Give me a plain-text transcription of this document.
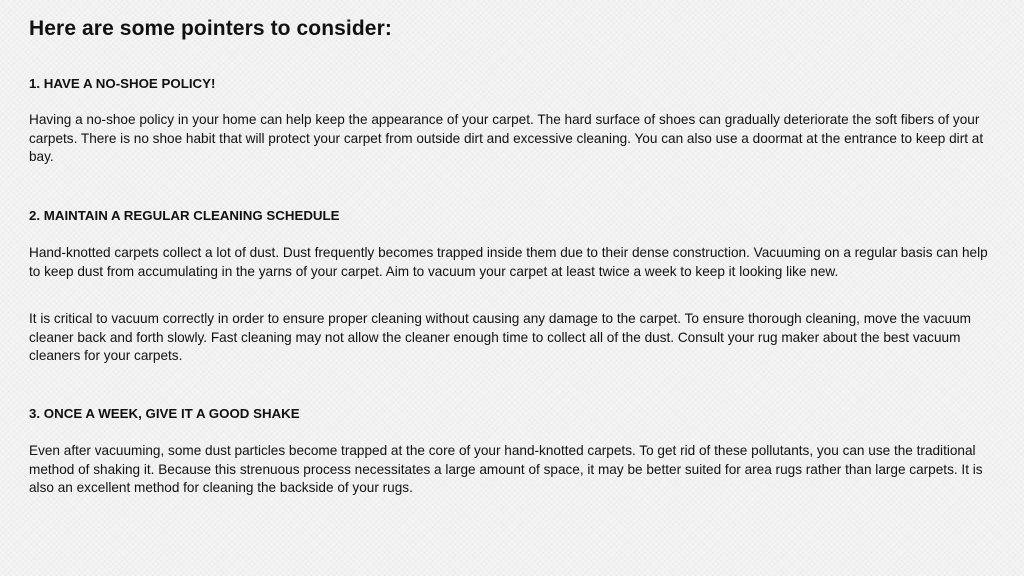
Here are some pointers to consider:
1. HAVE A NO-SHOE POLICY!

Having a no-shoe policy in your home can help keep the appearance of your carpet. The hard surface of shoes can gradually deteriorate the soft fibers of your carpets. There is no shoe habit that will protect your carpet from outside dirt and excessive cleaning. You can also use a doormat at the entrance to keep dirt at bay.

2. MAINTAIN A REGULAR CLEANING SCHEDULE

Hand-knotted carpets collect a lot of dust. Dust frequently becomes trapped inside them due to their dense construction. Vacuuming on a regular basis can help to keep dust from accumulating in the yarns of your carpet. Aim to vacuum your carpet at least twice a week to keep it looking like new.

It is critical to vacuum correctly in order to ensure proper cleaning without causing any damage to the carpet. To ensure thorough cleaning, move the vacuum cleaner back and forth slowly. Fast cleaning may not allow the cleaner enough time to collect all of the dust. Consult your rug maker about the best vacuum cleaners for your carpets.

3. ONCE A WEEK, GIVE IT A GOOD SHAKE

Even after vacuuming, some dust particles become trapped at the core of your hand-knotted carpets. To get rid of these pollutants, you can use the traditional method of shaking it. Because this strenuous process necessitates a large amount of space, it may be better suited for area rugs rather than large carpets. It is also an excellent method for cleaning the backside of your rugs.
